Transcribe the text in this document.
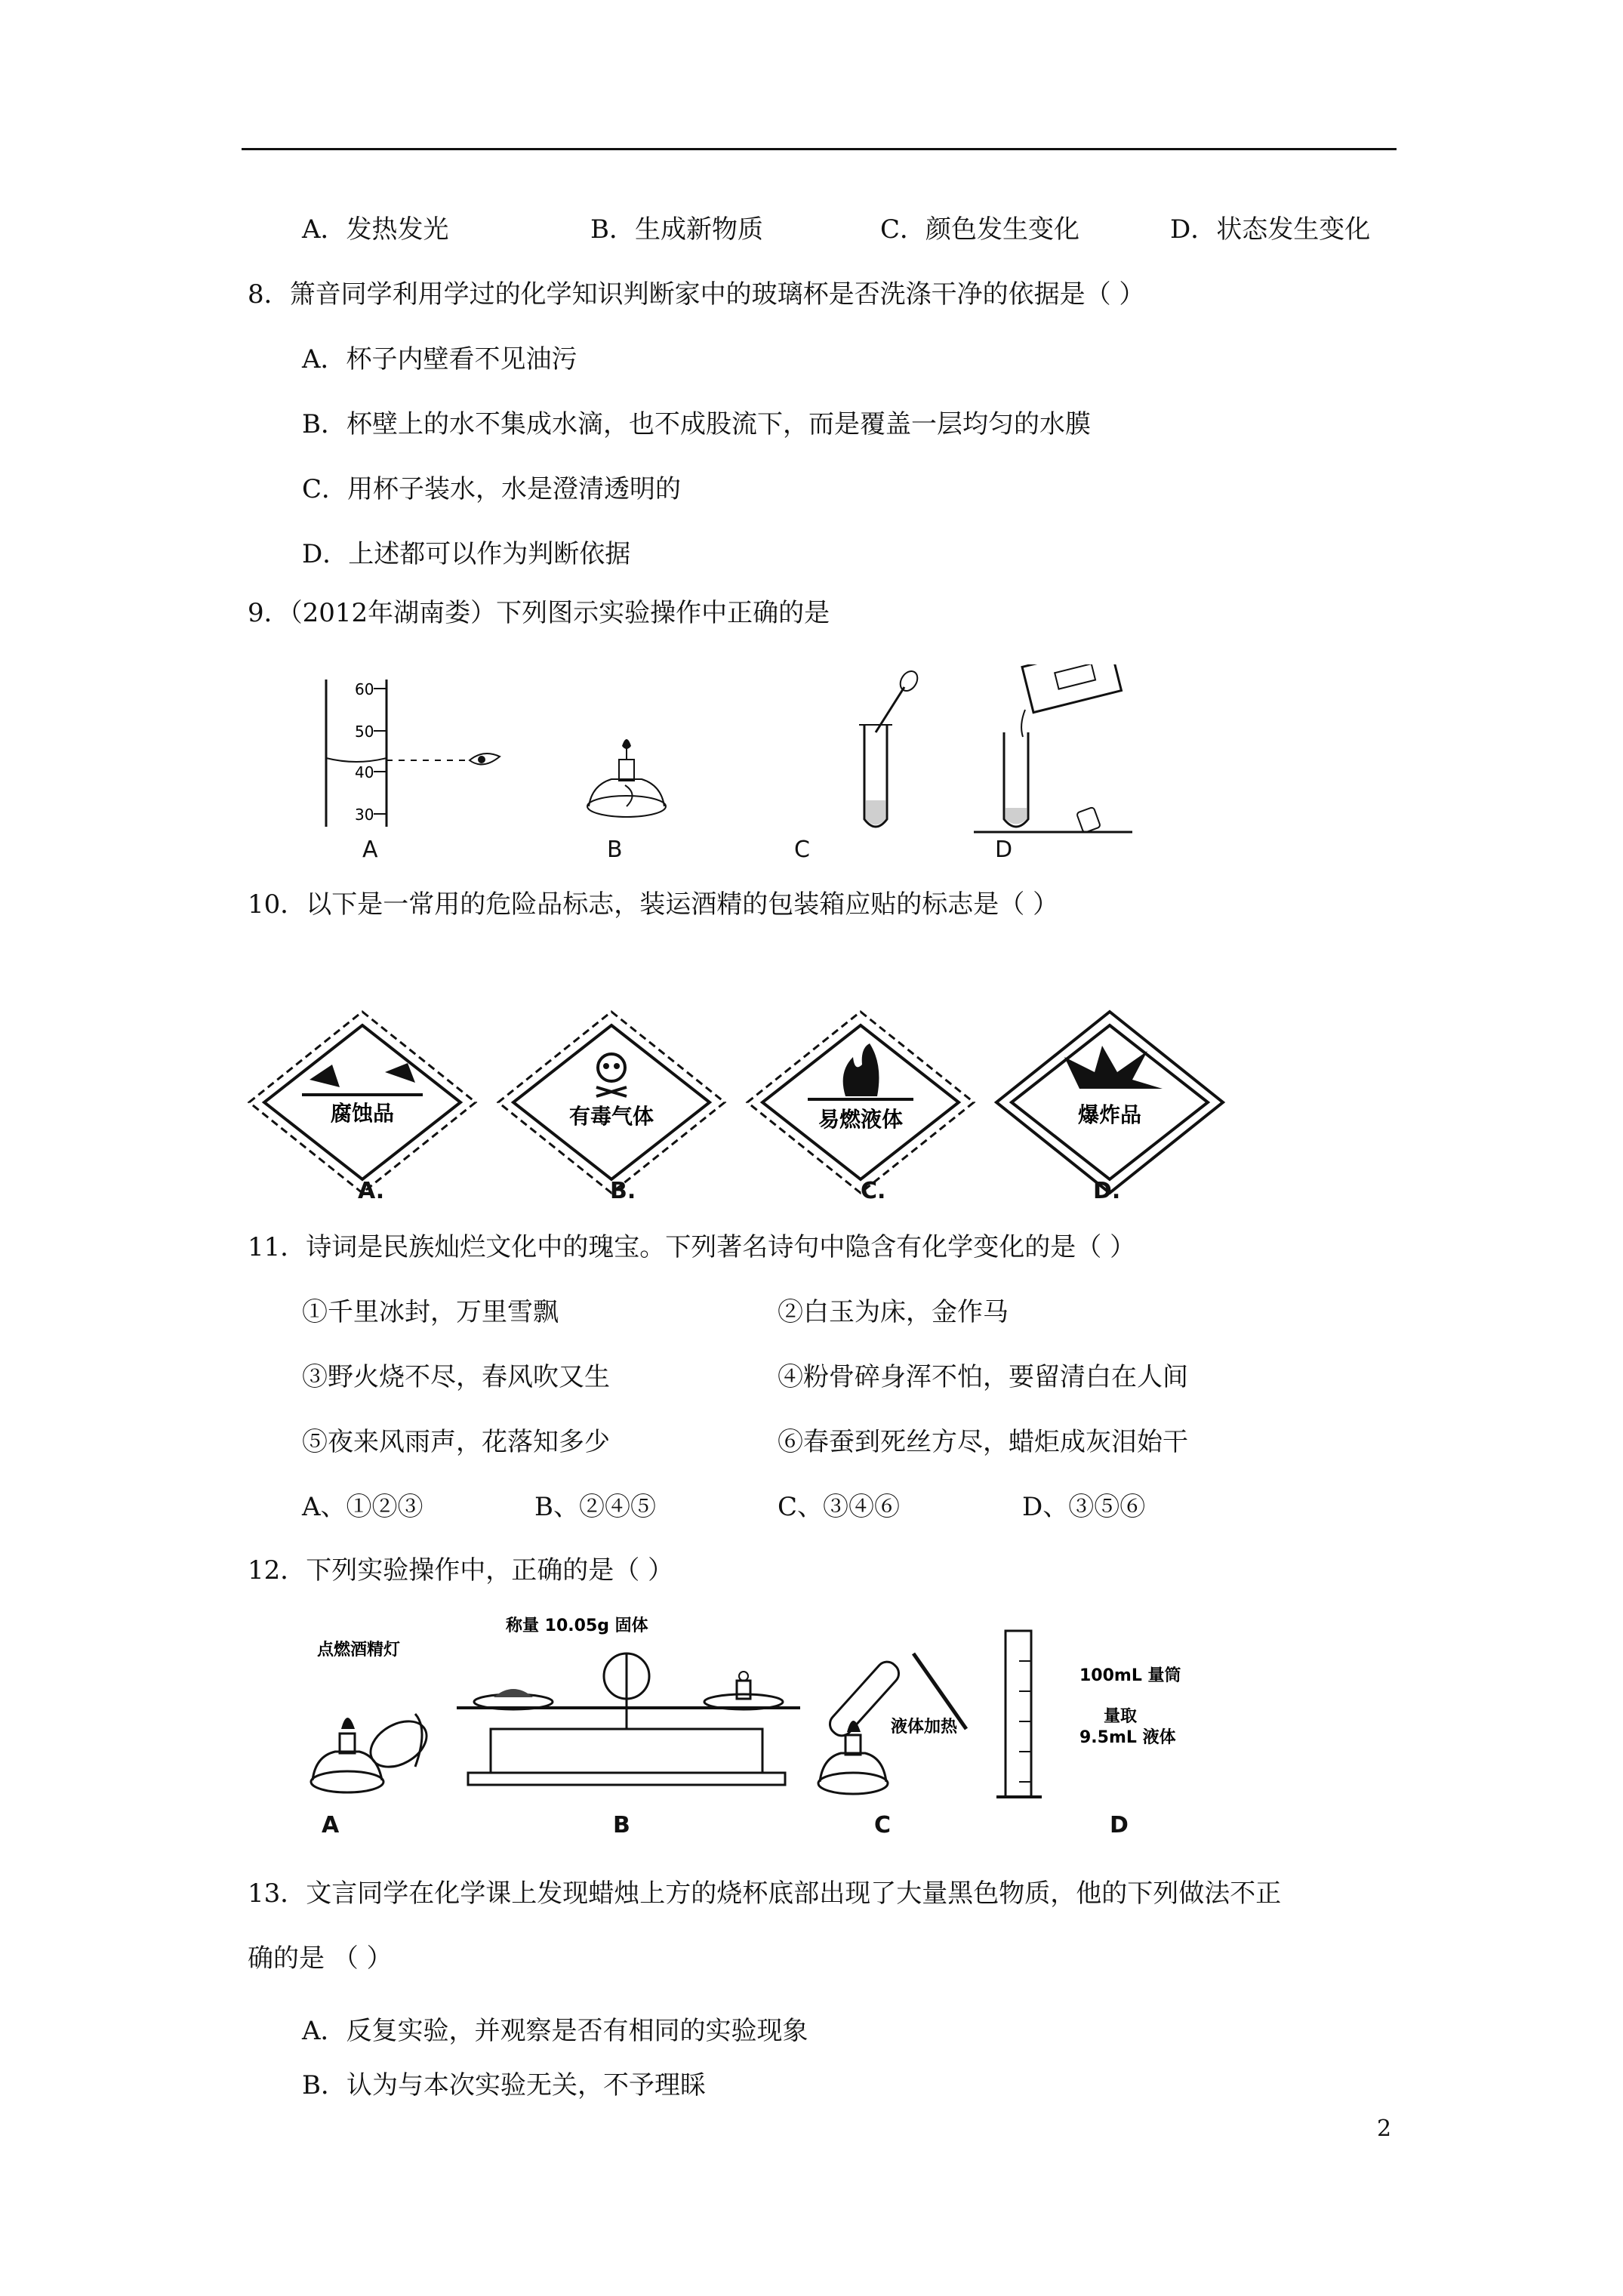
A．发热发光	B．生成新物质	C．颜色发生变化	D．状态发生变化
8．箫音同学利用学过的化学知识判断家中的玻璃杯是否洗涤干净的依据是（ ）
A．杯子内壁看不见油污
B．杯壁上的水不集成水滴，也不成股流下，而是覆盖一层均匀的水膜
C．用杯子装水，水是澄清透明的
D．上述都可以作为判断依据
9．（2012年湖南娄）下列图示实验操作中正确的是
60
50
40
30
A	B	C	D
10．以下是一常用的危险品标志，装运酒精的包装箱应贴的标志是（ ）
腐蚀品	有毒气体	易燃液体	爆炸品
A.	B.	C.	D.
11．诗词是民族灿烂文化中的瑰宝。下列著名诗句中隐含有化学变化的是（ ）
①千里冰封，万里雪飘	②白玉为床，金作马
③野火烧不尽，春风吹又生	④粉骨碎身浑不怕，要留清白在人间
⑤夜来风雨声，花落知多少	⑥春蚕到死丝方尽，蜡炬成灰泪始干
A、①②③	B、②④⑤	C、③④⑥	D、③⑤⑥
12．下列实验操作中，正确的是（ ）
点燃酒精灯
称量 10.05g 固体
液体加热
100mL 量筒
量取
9.5mL 液体
A	B	C	D
13．文言同学在化学课上发现蜡烛上方的烧杯底部出现了大量黑色物质，他的下列做法不正
确的是 （ ）
A．反复实验，并观察是否有相同的实验现象
B．认为与本次实验无关，不予理睬
2
